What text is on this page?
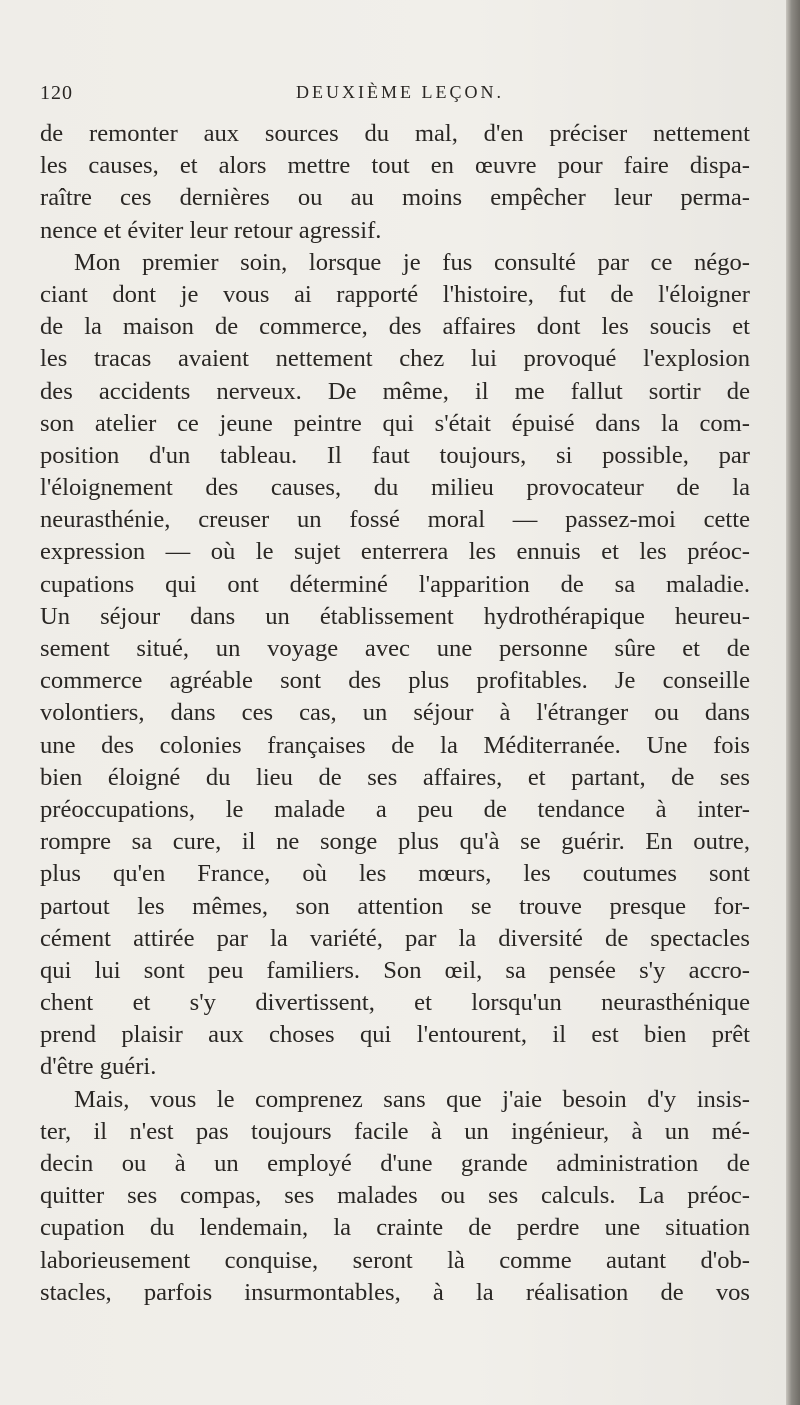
120	DEUXIÈME LEÇON.
de remonter aux sources du mal, d'en préciser nettement
les causes, et alors mettre tout en œuvre pour faire dispa-
raître ces dernières ou au moins empêcher leur perma-
nence et éviter leur retour agressif.
Mon premier soin, lorsque je fus consulté par ce négo-
ciant dont je vous ai rapporté l'histoire, fut de l'éloigner
de la maison de commerce, des affaires dont les soucis et
les tracas avaient nettement chez lui provoqué l'explosion
des accidents nerveux. De même, il me fallut sortir de
son atelier ce jeune peintre qui s'était épuisé dans la com-
position d'un tableau. Il faut toujours, si possible, par
l'éloignement des causes, du milieu provocateur de la
neurasthénie, creuser un fossé moral — passez-moi cette
expression — où le sujet enterrera les ennuis et les préoc-
cupations qui ont déterminé l'apparition de sa maladie.
Un séjour dans un établissement hydrothérapique heureu-
sement situé, un voyage avec une personne sûre et de
commerce agréable sont des plus profitables. Je conseille
volontiers, dans ces cas, un séjour à l'étranger ou dans
une des colonies françaises de la Méditerranée. Une fois
bien éloigné du lieu de ses affaires, et partant, de ses
préoccupations, le malade a peu de tendance à inter-
rompre sa cure, il ne songe plus qu'à se guérir. En outre,
plus qu'en France, où les mœurs, les coutumes sont
partout les mêmes, son attention se trouve presque for-
cément attirée par la variété, par la diversité de spectacles
qui lui sont peu familiers. Son œil, sa pensée s'y accro-
chent et s'y divertissent, et lorsqu'un neurasthénique
prend plaisir aux choses qui l'entourent, il est bien prêt
d'être guéri.
Mais, vous le comprenez sans que j'aie besoin d'y insis-
ter, il n'est pas toujours facile à un ingénieur, à un mé-
decin ou à un employé d'une grande administration de
quitter ses compas, ses malades ou ses calculs. La préoc-
cupation du lendemain, la crainte de perdre une situation
laborieusement conquise, seront là comme autant d'ob-
stacles, parfois insurmontables, à la réalisation de vos
